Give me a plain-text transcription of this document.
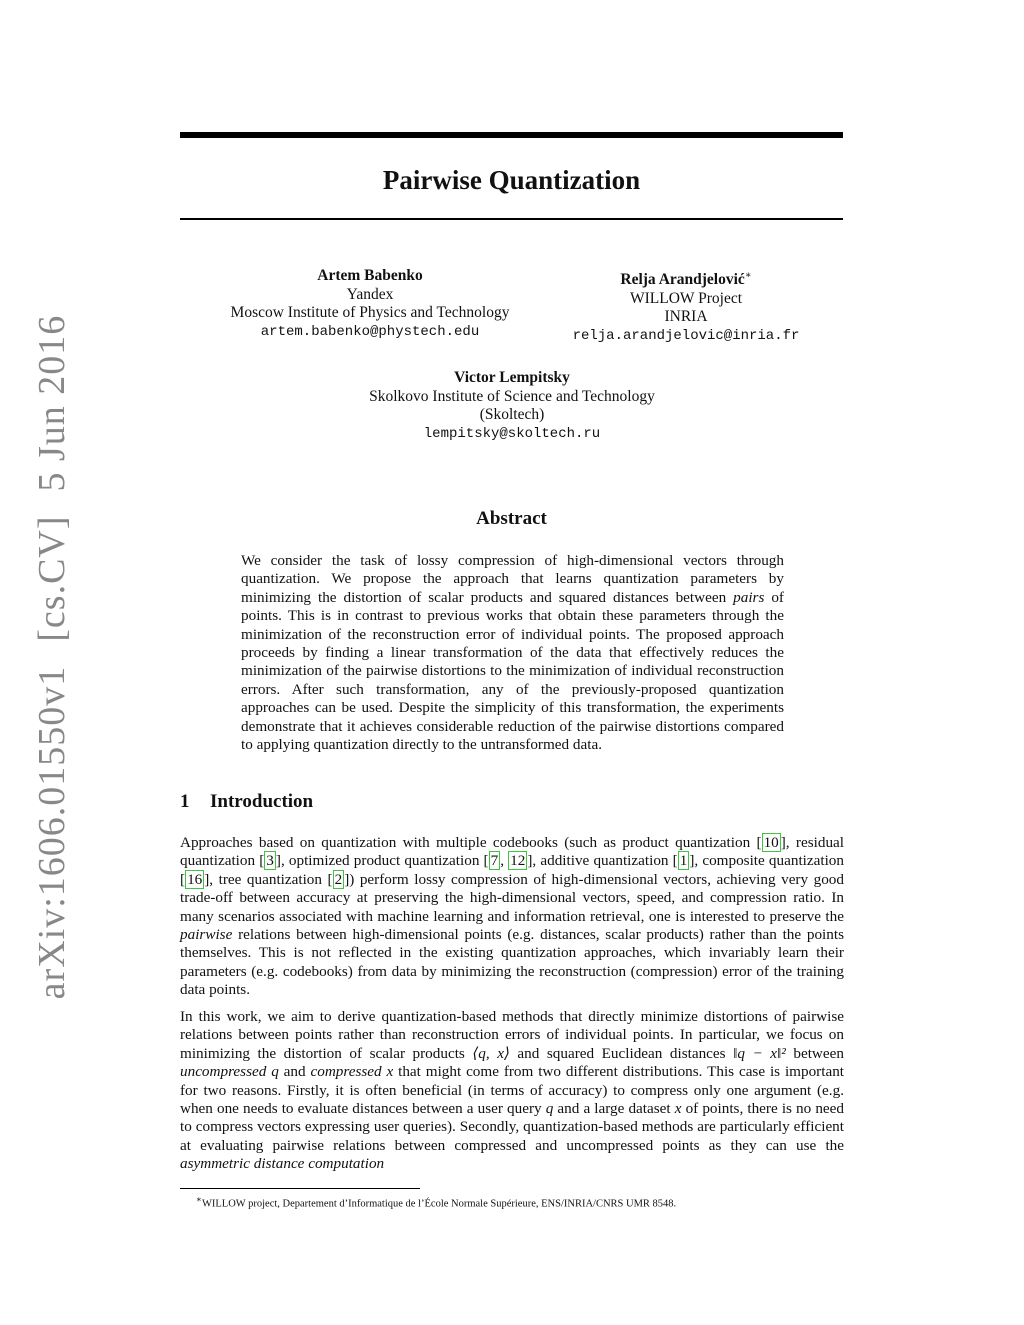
arXiv:1606.01550v1[cs.CV]5 Jun 2016
Pairwise Quantization
Artem Babenko
Yandex
Moscow Institute of Physics and Technology
artem.babenko@phystech.edu
Relja Arandjelović∗
WILLOW Project
INRIA
relja.arandjelovic@inria.fr
Victor Lempitsky
Skolkovo Institute of Science and Technology
(Skoltech)
lempitsky@skoltech.ru
Abstract
We consider the task of lossy compression of high-dimensional vectors through quantization. We propose the approach that learns quantization parameters by minimizing the distortion of scalar products and squared distances between pairs of points. This is in contrast to previous works that obtain these parameters through the minimization of the reconstruction error of individual points. The proposed approach proceeds by finding a linear transformation of the data that effectively reduces the minimization of the pairwise distortions to the minimization of individual reconstruction errors. After such transformation, any of the previously-proposed quantization approaches can be used. Despite the simplicity of this transformation, the experiments demonstrate that it achieves considerable reduction of the pairwise distortions compared to applying quantization directly to the untransformed data.
1 Introduction
Approaches based on quantization with multiple codebooks (such as product quantization [ 10 ], residual quantization [ 3 ], optimized product quantization [ 7 , 12 ], additive quantization [ 1 ], composite quantization [ 16 ], tree quantization [ 2 ]) perform lossy compression of high-dimensional vectors, achieving very good trade-off between accuracy at preserving the high-dimensional vectors, speed, and compression ratio. In many scenarios associated with machine learning and information retrieval, one is interested to preserve the pairwise relations between high-dimensional points (e.g. distances, scalar products) rather than the points themselves. This is not reflected in the existing quantization approaches, which invariably learn their parameters (e.g. codebooks) from data by minimizing the reconstruction (compression) error of the training data points.
In this work, we aim to derive quantization-based methods that directly minimize distortions of pairwise relations between points rather than reconstruction errors of individual points. In particular, we focus on minimizing the distortion of scalar products ⟨q, x⟩ and squared Euclidean distances ‖q − x‖² between uncompressed q and compressed x that might come from two different distributions. This case is important for two reasons. Firstly, it is often beneficial (in terms of accuracy) to compress only one argument (e.g. when one needs to evaluate distances between a user query q and a large dataset x of points, there is no need to compress vectors expressing user queries). Secondly, quantization-based methods are particularly efficient at evaluating pairwise relations between compressed and uncompressed points as they can use the asymmetric distance computation
∗WILLOW project, Departement d’Informatique de l’École Normale Supérieure, ENS/INRIA/CNRS UMR 8548.
